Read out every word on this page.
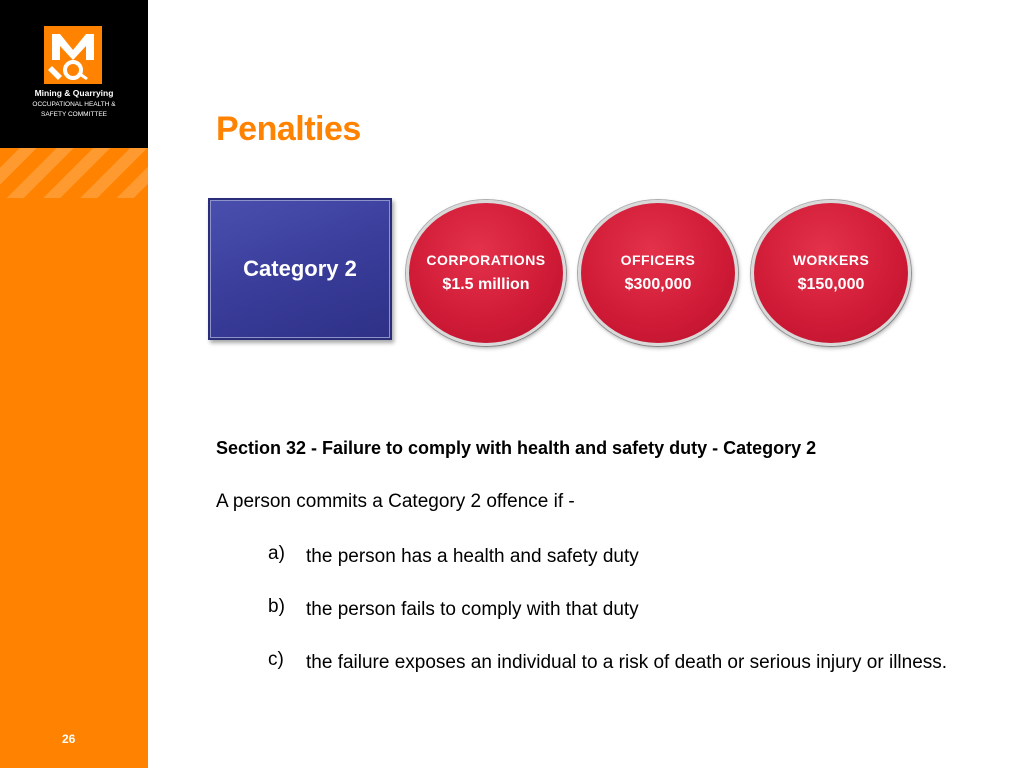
Mining & Quarrying
OCCUPATIONAL HEALTH &
SAFETY COMMITTEE
26
Penalties
Category 2	CORPORATIONS
$1.5 million
OFFICERS
$300,000
WORKERS
$150,000
Section 32 - Failure to comply with health and safety duty - Category 2
A person commits a Category 2 offence if -
a) the person has a health and safety duty
b) the person fails to comply with that duty
c) the failure exposes an individual to a risk of death or serious injury or illness.
